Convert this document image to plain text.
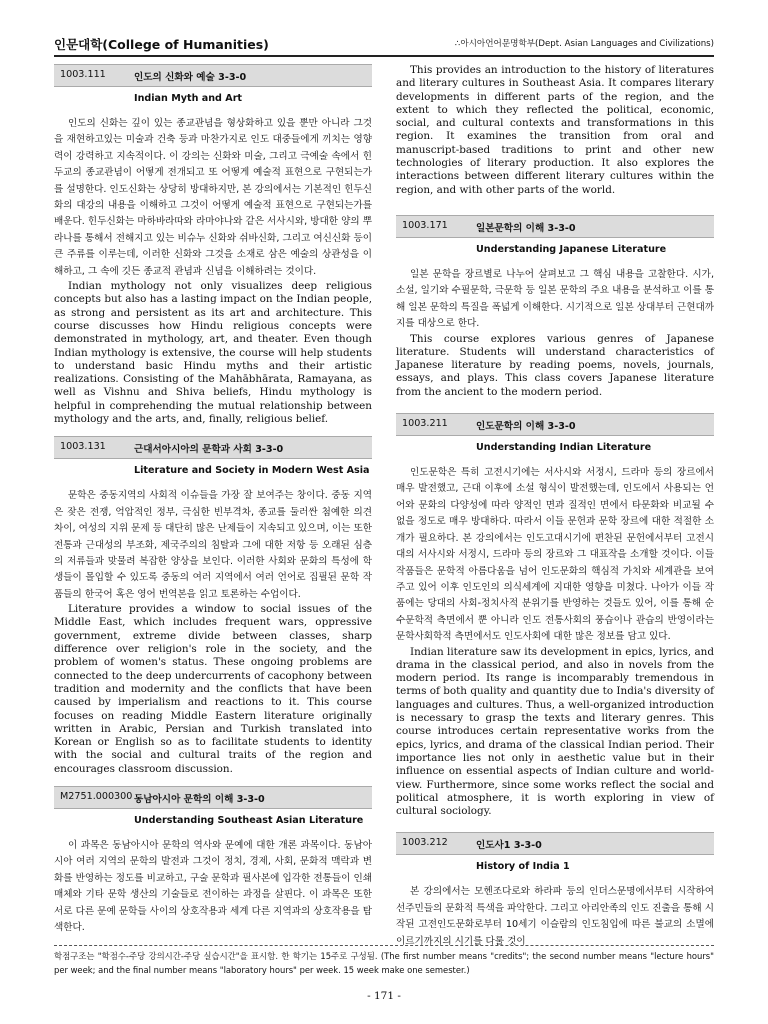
인문대학(College of Humanities)	∴아시아언어문명학부(Dept. Asian Languages and Civilizations)
1003.111	인도의 신화와 예술 3-3-0
Indian Myth and Art

인도의 신화는 깊이 있는 종교관념을 형상화하고 있을 뿐만 아니라 그것을 재현하고있는 미술과 건축 등과 마찬가지로 인도 대중들에게 끼치는 영향력이 강력하고 지속적이다. 이 강의는 신화와 미술, 그리고 극예술 속에서 힌두교의 종교관념이 어떻게 전개되고 또 어떻게 예술적 표현으로 구현되는가를 설명한다. 인도신화는 상당히 방대하지만, 본 강의에서는 기본적인 힌두신화의 대강의 내용을 이해하고 그것이 어떻게 예술적 표현으로 구현되는가를 배운다. 힌두신화는 마하바라따와 라마야나와 같은 서사시와, 방대한 양의 뿌라나를 통해서 전해지고 있는 비슈누 신화와 쉬바신화, 그리고 여신신화 등이 큰 주류를 이루는데, 이러한 신화와 그것을 소재로 삼은 예술의 상관성을 이해하고, 그 속에 깃든 종교적 관념과 신념을 이해하려는 것이다.

Indian mythology not only visualizes deep religious concepts but also has a lasting impact on the Indian people, as strong and persistent as its art and architecture. This course discusses how Hindu religious concepts were demonstrated in mythology, art, and theater. Even though Indian mythology is extensive, the course will help students to understand basic Hindu myths and their artistic realizations. Consisting of the Mahābhārata, Ramayana, as well as Vishnu and Shiva beliefs, Hindu mythology is helpful in comprehending the mutual relationship between mythology and the arts, and, finally, religious belief.

1003.131	근대서아시아의 문학과 사회 3-3-0
Literature and Society in Modern West Asia

문학은 중동지역의 사회적 이슈들을 가장 잘 보여주는 창이다. 중동 지역은 잦은 전쟁, 억압적인 정부, 극심한 빈부격차, 종교를 둘러싼 첨예한 의견 차이, 여성의 지위 문제 등 대단히 많은 난제들이 지속되고 있으며, 이는 또한 전통과 근대성의 부조화, 제국주의의 침탈과 그에 대한 저항 등 오래된 심층의 저류들과 맞물려 복잡한 양상을 보인다. 이러한 사회와 문화의 특성에 학생들이 몰입할 수 있도록 중동의 여러 지역에서 여러 언어로 집필된 문학 작품들의 한국어 혹은 영어 번역본을 읽고 토론하는 수업이다.

Literature provides a window to social issues of the Middle East, which includes frequent wars, oppressive government, extreme divide between classes, sharp difference over religion's role in the society, and the problem of women's status. These ongoing problems are connected to the deep undercurrents of cacophony between tradition and modernity and the conflicts that have been caused by imperialism and reactions to it. This course focuses on reading Middle Eastern literature originally written in Arabic, Persian and Turkish translated into Korean or English so as to facilitate students to identity with the social and cultural traits of the region and encourages classroom discussion.

M2751.000300 동남아시아 문학의 이해 3-3-0
Understanding Southeast Asian Literature

이 과목은 동남아시아 문학의 역사와 문예에 대한 개론 과목이다. 동남아시아 여러 지역의 문학의 발전과 그것이 정치, 경제, 사회, 문화적 맥락과 변화를 반영하는 정도를 비교하고, 구술 문학과 필사본에 입각한 전통들이 인쇄 매체와 기타 문학 생산의 기술들로 전이하는 과정을 살핀다. 이 과목은 또한 서로 다른 문예 문학들 사이의 상호작용과 세계 다른 지역과의 상호작용을 탐색한다.

This provides an introduction to the history of literatures and literary cultures in Southeast Asia. It compares literary developments in different parts of the region, and the extent to which they reflected the political, economic, social, and cultural contexts and transformations in this region. It examines the transition from oral and manuscript-based traditions to print and other new technologies of literary production. It also explores the interactions between different literary cultures within the region, and with other parts of the world.

1003.171	일본문학의 이해 3-3-0
Understanding Japanese Literature

일본 문학을 장르별로 나누어 살펴보고 그 핵심 내용을 고찰한다. 시가, 소설, 일기와 수필문학, 극문학 등 일본 문학의 주요 내용을 분석하고 이를 통해 일본 문학의 특질을 폭넓게 이해한다. 시기적으로 일본 상대부터 근현대까지를 대상으로 한다.

This course explores various genres of Japanese literature. Students will understand characteristics of Japanese literature by reading poems, novels, journals, essays, and plays. This class covers Japanese literature from the ancient to the modern period.

1003.211	인도문학의 이해 3-3-0
Understanding Indian Literature

인도문학은 특히 고전시기에는 서사시와 서정시, 드라마 등의 장르에서 매우 발전했고, 근대 이후에 소설 형식이 발전했는데, 인도에서 사용되는 언어와 문화의 다양성에 따라 양적인 면과 질적인 면에서 타문화와 비교될 수 없을 정도로 매우 방대하다. 따라서 이들 문헌과 문학 장르에 대한 적절한 소개가 필요하다. 본 강의에서는 인도고대시기에 편찬된 문헌에서부터 고전시대의 서사시와 서정시, 드라마 등의 장르와 그 대표작을 소개할 것이다. 이들 작품들은 문학적 아름다움을 넘어 인도문화의 핵심적 가치와 세계관을 보여주고 있어 이후 인도인의 의식세계에 지대한 영향을 미쳤다. 나아가 이들 작품에는 당대의 사회-정치사적 분위기를 반영하는 것들도 있어, 이를 통해 순수문학적 측면에서 뿐 아니라 인도 전통사회의 풍습이나 관습의 반영이라는 문학사회학적 측면에서도 인도사회에 대한 많은 정보를 담고 있다.

Indian literature saw its development in epics, lyrics, and drama in the classical period, and also in novels from the modern period. Its range is incomparably tremendous in terms of both quality and quantity due to India's diversity of languages and cultures. Thus, a well-organized introduction is necessary to grasp the texts and literary genres. This course introduces certain representative works from the epics, lyrics, and drama of the classical Indian period. Their importance lies not only in aesthetic value but in their influence on essential aspects of Indian culture and world-view. Furthermore, since some works reflect the social and political atmosphere, it is worth exploring in view of cultural sociology.

1003.212	인도사1 3-3-0
History of India 1

본 강의에서는 모헨조다로와 하라파 등의 인더스문명에서부터 시작하여 선주민들의 문화적 특색을 파악한다. 그리고 아리안족의 인도 진출을 통해 시작된 고전인도문화로부터 10세기 이슬람의 인도침입에 따른 불교의 소멸에 이르기까지의 시기를 다룰 것이

학점구조는 "학점수-주당 강의시간-주당 실습시간"을 표시함. 한 학기는 15주로 구성됨. (The first number means "credits"; the second number means "lecture hours" per week; and the final number means "laboratory hours" per week. 15 week make one semester.)
- 171 -
